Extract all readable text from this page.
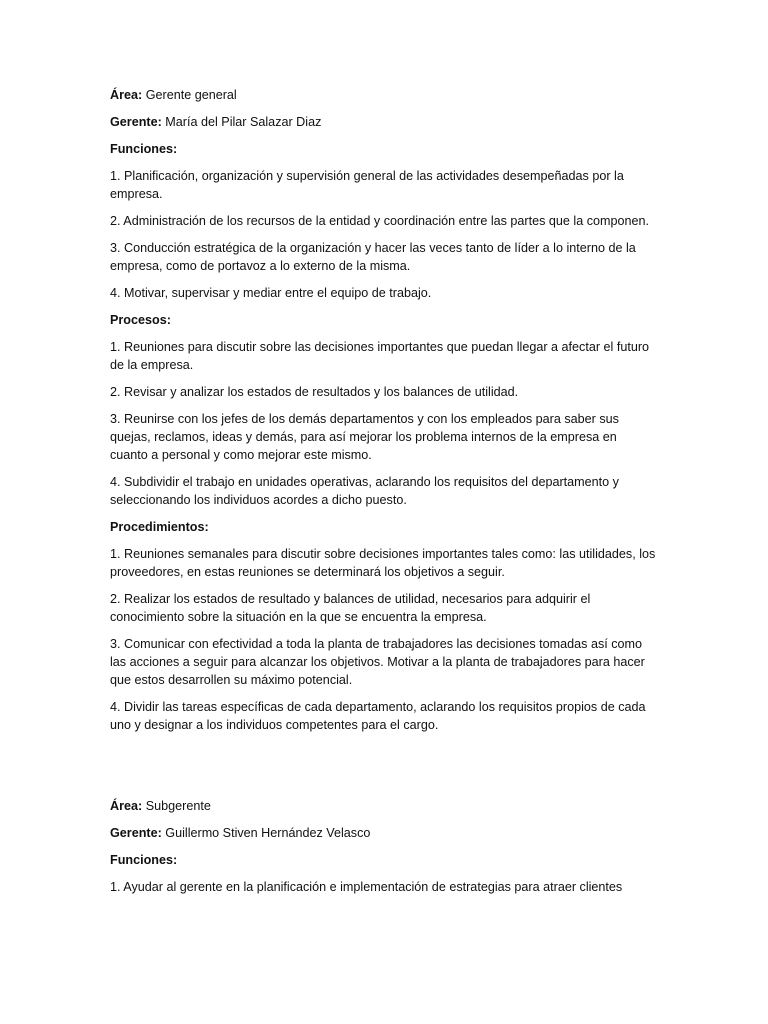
Área: Gerente general

Gerente: María del Pilar Salazar Diaz

Funciones:

1. Planificación, organización y supervisión general de las actividades desempeñadas por la empresa.

2. Administración de los recursos de la entidad y coordinación entre las partes que la componen.

3. Conducción estratégica de la organización y hacer las veces tanto de líder a lo interno de la empresa, como de portavoz a lo externo de la misma.

4. Motivar, supervisar y mediar entre el equipo de trabajo.

Procesos:

1. Reuniones para discutir sobre las decisiones importantes que puedan llegar a afectar el futuro de la empresa.

2. Revisar y analizar los estados de resultados y los balances de utilidad.

3. Reunirse con los jefes de los demás departamentos y con los empleados para saber sus quejas, reclamos, ideas y demás, para así mejorar los problema internos de la empresa en cuanto a personal y como mejorar este mismo.

4. Subdividir el trabajo en unidades operativas, aclarando los requisitos del departamento y seleccionando los individuos acordes a dicho puesto.

Procedimientos:

1. Reuniones semanales para discutir sobre decisiones importantes tales como: las utilidades, los proveedores, en estas reuniones se determinará los objetivos a seguir.

2. Realizar los estados de resultado y balances de utilidad, necesarios para adquirir el conocimiento sobre la situación en la que se encuentra la empresa.

3. Comunicar con efectividad a toda la planta de trabajadores las decisiones tomadas así como las acciones a seguir para alcanzar los objetivos. Motivar a la planta de trabajadores para hacer que estos desarrollen su máximo potencial.

4. Dividir las tareas específicas de cada departamento, aclarando los requisitos propios de cada uno y designar a los individuos competentes para el cargo.

Área: Subgerente

Gerente: Guillermo Stiven Hernández Velasco

Funciones:

1. Ayudar al gerente en la planificación e implementación de estrategias para atraer clientes
